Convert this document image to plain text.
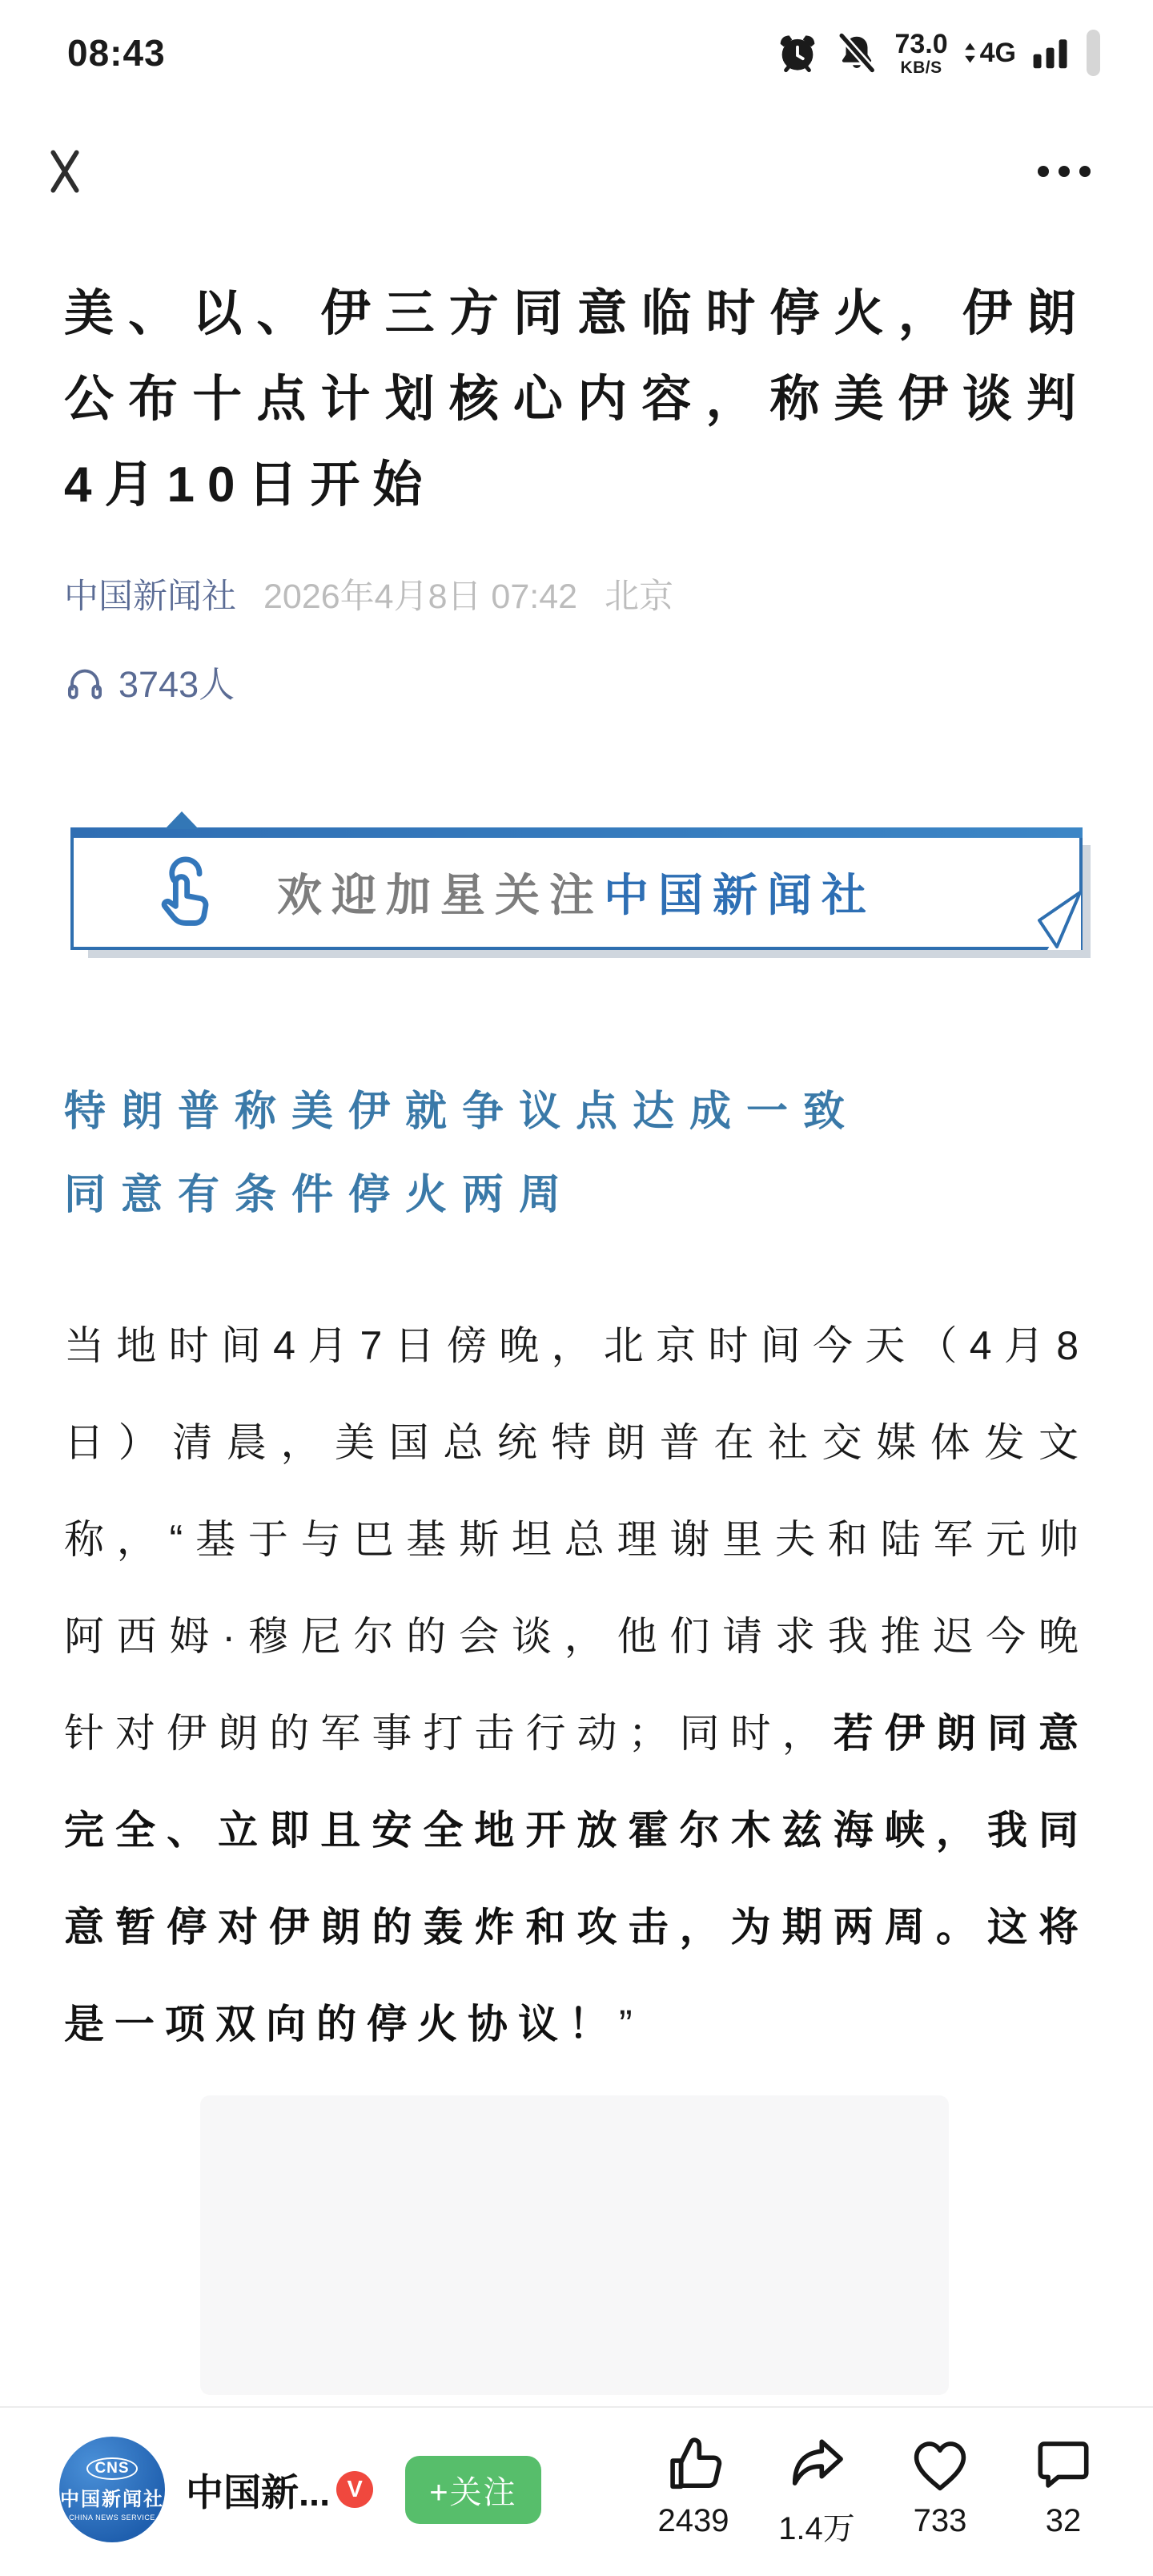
08:43	73.0
KB/S 4G
美、以、伊三方同意临时停火，伊朗公布十点计划核心内容，称美伊谈判4月10日开始
中国新闻社 2026年4月8日 07:42 北京
3743人
欢迎加星关注中国新闻社
特朗普称美伊就争议点达成一致
同意有条件停火两周

当地时间4月7日傍晚，北京时间今天（4月8日）清晨，美国总统特朗普在社交媒体发文称，“基于与巴基斯坦总理谢里夫和陆军元帅阿西姆·穆尼尔的会谈，他们请求我推迟今晚针对伊朗的军事打击行动；同时，若伊朗同意完全、立即且安全地开放霍尔木兹海峡，我同意暂停对伊朗的轰炸和攻击，为期两周。这将是一项双向的停火协议！”

CNS
中国新闻社
CHINA NEWS SERVICE
中国新... V	+关注
2439 1.4万 733 32
